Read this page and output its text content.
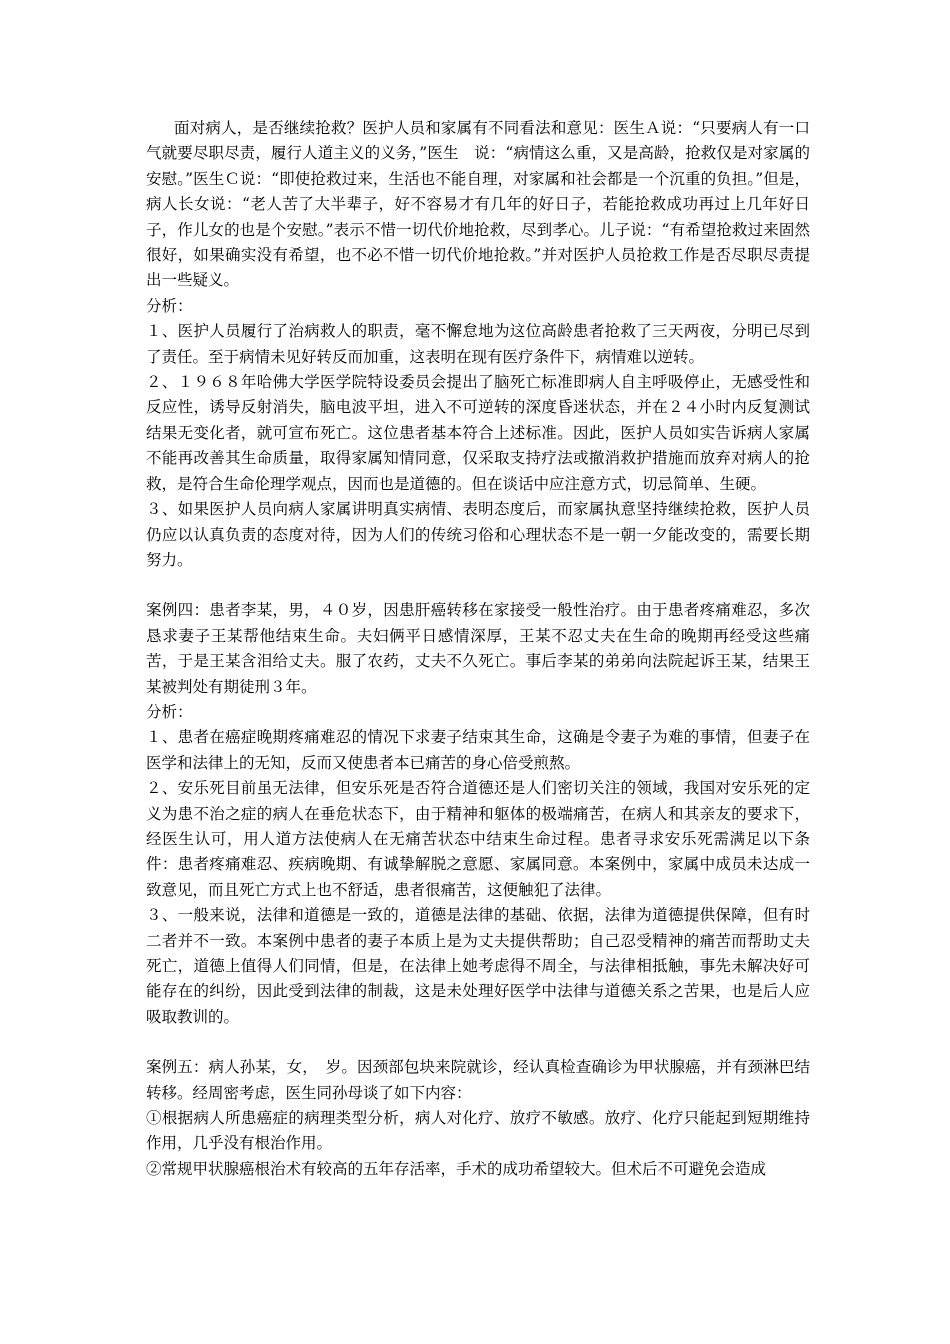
面对病人，是否继续抢救？医护人员和家属有不同看法和意见：医生Ａ说：“只要病人有一口气就要尽职尽责，履行人道主义的义务，”医生　说：“病情这么重，又是高龄，抢救仅是对家属的安慰。”医生Ｃ说：“即使抢救过来，生活也不能自理，对家属和社会都是一个沉重的负担。”但是，病人长女说：“老人苦了大半辈子，好不容易才有几年的好日子，若能抢救成功再过上几年好日子，作儿女的也是个安慰。”表示不惜一切代价地抢救，尽到孝心。儿子说：“有希望抢救过来固然很好，如果确实没有希望，也不必不惜一切代价地抢救。”并对医护人员抢救工作是否尽职尽责提出一些疑义。

分析：

１、医护人员履行了治病救人的职责，毫不懈怠地为这位高龄患者抢救了三天两夜，分明已尽到了责任。至于病情未见好转反而加重，这表明在现有医疗条件下，病情难以逆转。

２、１９６８年哈佛大学医学院特设委员会提出了脑死亡标准即病人自主呼吸停止，无感受性和反应性，诱导反射消失，脑电波平坦，进入不可逆转的深度昏迷状态，并在２４小时内反复测试结果无变化者，就可宣布死亡。这位患者基本符合上述标准。因此，医护人员如实告诉病人家属不能再改善其生命质量，取得家属知情同意，仅采取支持疗法或撤消救护措施而放弃对病人的抢救，是符合生命伦理学观点，因而也是道德的。但在谈话中应注意方式，切忌简单、生硬。

３、如果医护人员向病人家属讲明真实病情、表明态度后，而家属执意坚持继续抢救，医护人员仍应以认真负责的态度对待，因为人们的传统习俗和心理状态不是一朝一夕能改变的，需要长期努力。

案例四：患者李某，男，４０岁，因患肝癌转移在家接受一般性治疗。由于患者疼痛难忍，多次恳求妻子王某帮他结束生命。夫妇俩平日感情深厚，王某不忍丈夫在生命的晚期再经受这些痛苦，于是王某含泪给丈夫。服了农药，丈夫不久死亡。事后李某的弟弟向法院起诉王某，结果王某被判处有期徒刑３年。

分析：

１、患者在癌症晚期疼痛难忍的情况下求妻子结束其生命，这确是令妻子为难的事情，但妻子在医学和法律上的无知，反而又使患者本已痛苦的身心倍受煎熬。

２、安乐死目前虽无法律，但安乐死是否符合道德还是人们密切关注的领域，我国对安乐死的定义为患不治之症的病人在垂危状态下，由于精神和躯体的极端痛苦，在病人和其亲友的要求下，经医生认可，用人道方法使病人在无痛苦状态中结束生命过程。患者寻求安乐死需满足以下条件：患者疼痛难忍、疾病晚期、有诚挚解脱之意愿、家属同意。本案例中，家属中成员未达成一致意见，而且死亡方式上也不舒适，患者很痛苦，这便触犯了法律。

３、一般来说，法律和道德是一致的，道德是法律的基础、依据，法律为道德提供保障，但有时二者并不一致。本案例中患者的妻子本质上是为丈夫提供帮助；自己忍受精神的痛苦而帮助丈夫死亡，道德上值得人们同情，但是，在法律上她考虑得不周全，与法律相抵触，事先未解决好可能存在的纠纷，因此受到法律的制裁，这是未处理好医学中法律与道德关系之苦果，也是后人应吸取教训的。

案例五：病人孙某，女，　岁。因颈部包块来院就诊，经认真检查确诊为甲状腺癌，并有颈淋巴结转移。经周密考虑，医生同孙母谈了如下内容：

①根据病人所患癌症的病理类型分析，病人对化疗、放疗不敏感。放疗、化疗只能起到短期维持作用，几乎没有根治作用。

②常规甲状腺癌根治术有较高的五年存活率，手术的成功希望较大。但术后不可避免会造成
